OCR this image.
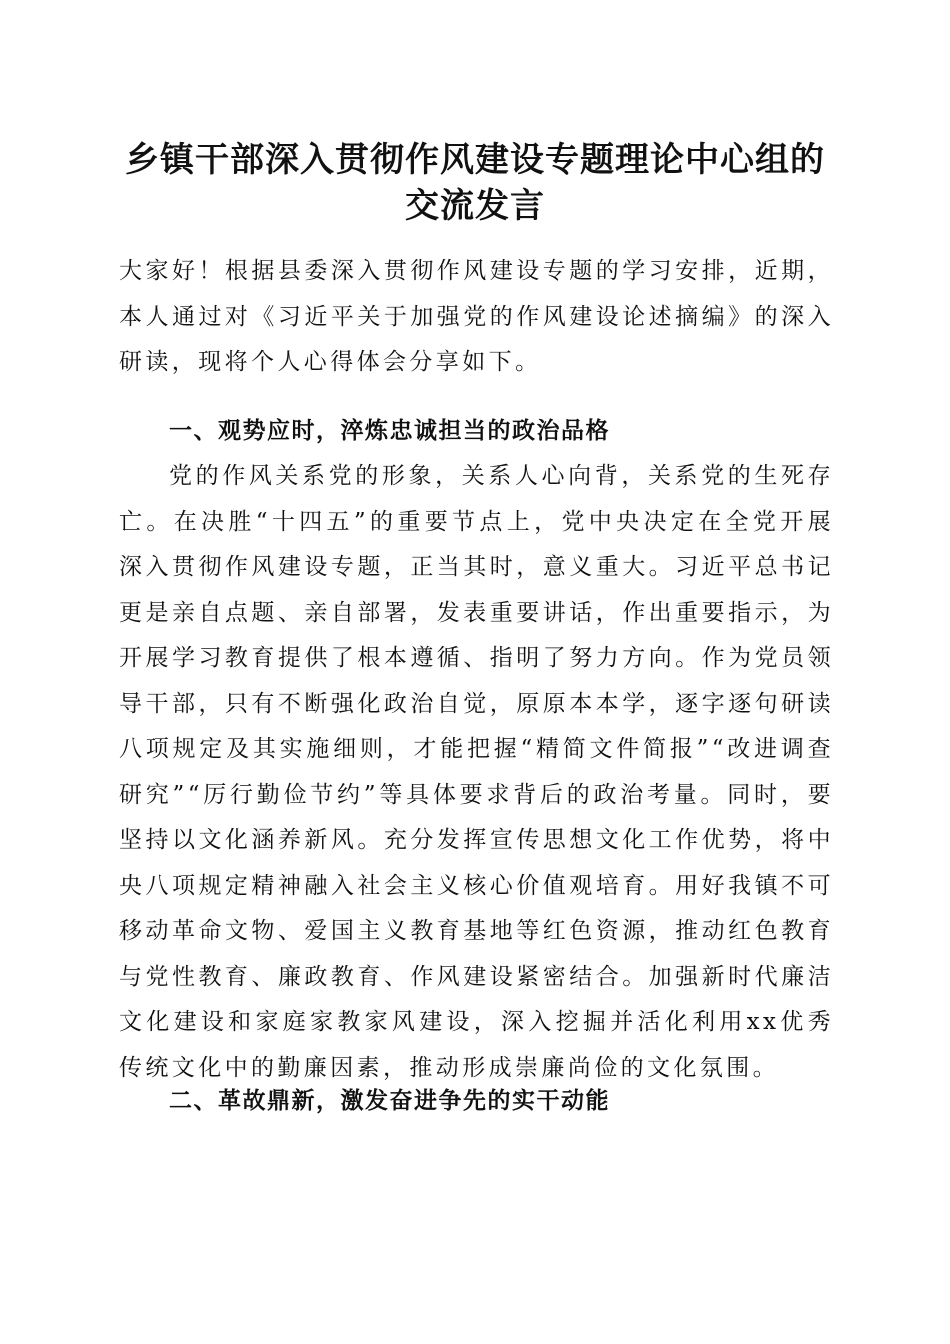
乡镇干部深入贯彻作风建设专题理论中心组的
交流发言

大家好！根据县委深入贯彻作风建设专题的学习安排，近期，本人通过对《习近平关于加强党的作风建设论述摘编》的深入研读，现将个人心得体会分享如下。

一、观势应时，淬炼忠诚担当的政治品格

党的作风关系党的形象，关系人心向背，关系党的生死存亡。在决胜“十四五”的重要节点上，党中央决定在全党开展深入贯彻作风建设专题，正当其时，意义重大。习近平总书记更是亲自点题、亲自部署，发表重要讲话，作出重要指示，为开展学习教育提供了根本遵循、指明了努力方向。作为党员领导干部，只有不断强化政治自觉，原原本本学，逐字逐句研读八项规定及其实施细则，才能把握“精简文件简报”“改进调查研究”“厉行勤俭节约”等具体要求背后的政治考量。同时，要坚持以文化涵养新风。充分发挥宣传思想文化工作优势，将中央八项规定精神融入社会主义核心价值观培育。用好我镇不可移动革命文物、爱国主义教育基地等红色资源，推动红色教育与党性教育、廉政教育、作风建设紧密结合。加强新时代廉洁文化建设和家庭家教家风建设，深入挖掘并活化利用xx优秀传统文化中的勤廉因素，推动形成崇廉尚俭的文化氛围。

二、革故鼎新，激发奋进争先的实干动能
